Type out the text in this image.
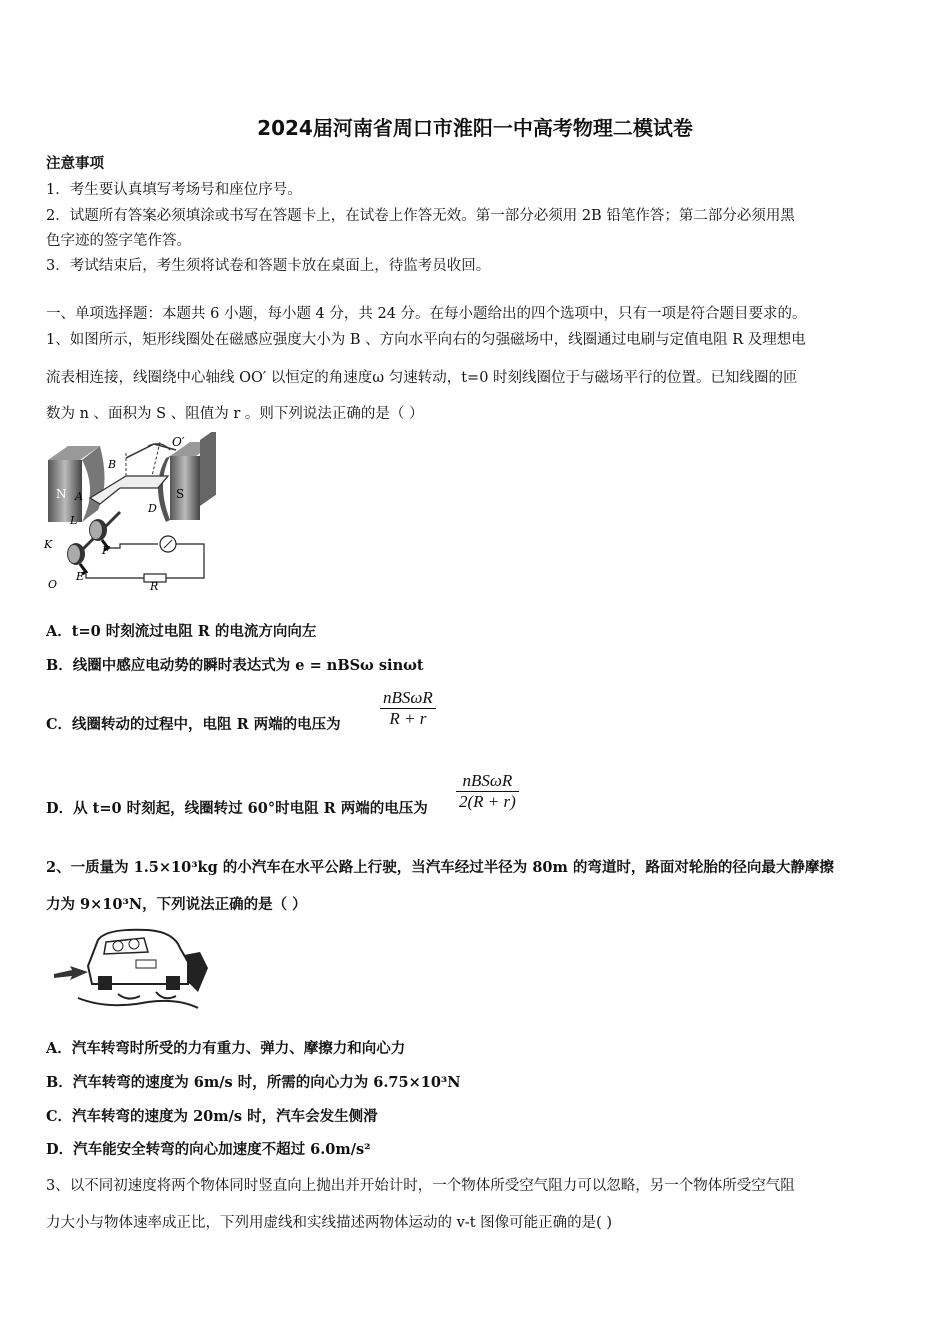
2024届河南省周口市淮阳一中高考物理二模试卷
注意事项
1．考生要认真填写考场号和座位序号。
2．试题所有答案必须填涂或书写在答题卡上，在试卷上作答无效。第一部分必须用 2B 铅笔作答；第二部分必须用黑
色字迹的签字笔作答。
3．考试结束后，考生须将试卷和答题卡放在桌面上，待监考员收回。
一、单项选择题：本题共 6 小题，每小题 4 分，共 24 分。在每小题给出的四个选项中，只有一项是符合题目要求的。
1、如图所示，矩形线圈处在磁感应强度大小为 B 、方向水平向右的匀强磁场中，线圈通过电刷与定值电阻 R 及理想电
流表相连接，线圈绕中心轴线 OO′ 以恒定的角速度ω 匀速转动，t=0 时刻线圈位于与磁场平行的位置。已知线圈的匝
数为 n 、面积为 S 、阻值为 r 。则下列说法正确的是（ ）
O′
B
N A	S
D
L
K	F
O
E
R
A．t=0 时刻流过电阻 R 的电流方向向左
B．线圈中感应电动势的瞬时表达式为 e = nBSω sinωt
C．线圈转动的过程中，电阻 R 两端的电压为
nBSωR
R + r
D．从 t=0 时刻起，线圈转过 60°时电阻 R 两端的电压为
nBSωR
2(R + r)
2、一质量为 1.5×10³kg 的小汽车在水平公路上行驶，当汽车经过半径为 80m 的弯道时，路面对轮胎的径向最大静摩擦
力为 9×10³N，下列说法正确的是（ ）
A．汽车转弯时所受的力有重力、弹力、摩擦力和向心力
B．汽车转弯的速度为 6m/s 时，所需的向心力为 6.75×10³N
C．汽车转弯的速度为 20m/s 时，汽车会发生侧滑
D．汽车能安全转弯的向心加速度不超过 6.0m/s²
3、以不同初速度将两个物体同时竖直向上抛出并开始计时，一个物体所受空气阻力可以忽略，另一个物体所受空气阻
力大小与物体速率成正比，下列用虚线和实线描述两物体运动的 v-t 图像可能正确的是( )
